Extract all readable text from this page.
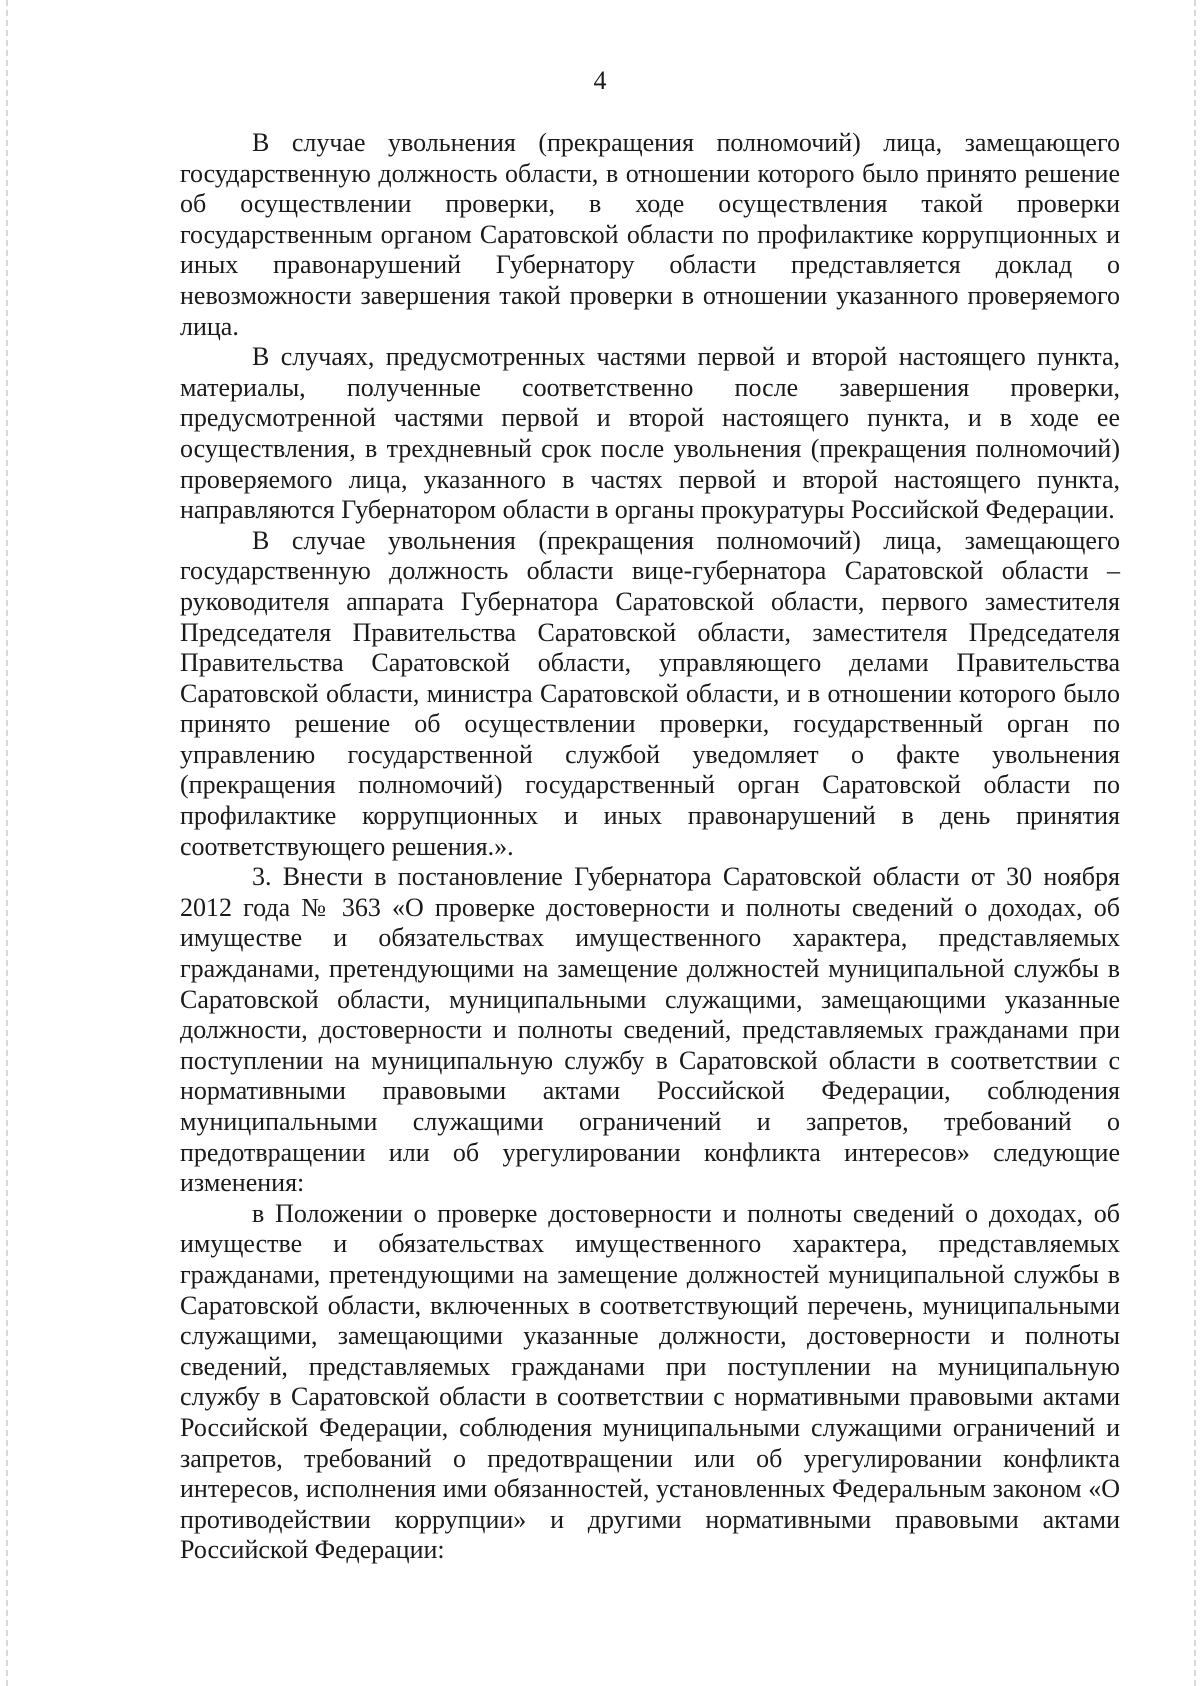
4

В случае увольнения (прекращения полномочий) лица, замещающего государственную должность области, в отношении которого было принято решение об осуществлении проверки, в ходе осуществления такой проверки государственным органом Саратовской области по профилактике коррупционных и иных правонарушений Губернатору области представляется доклад о невозможности завершения такой проверки в отношении указанного проверяемого лица.

В случаях, предусмотренных частями первой и второй настоящего пункта, материалы, полученные соответственно после завершения проверки, предусмотренной частями первой и второй настоящего пункта, и в ходе ее осуществления, в трехдневный срок после увольнения (прекращения полномочий) проверяемого лица, указанного в частях первой и второй настоящего пункта, направляются Губернатором области в органы прокуратуры Российской Федерации.

В случае увольнения (прекращения полномочий) лица, замещающего государственную должность области вице-губернатора Саратовской области – руководителя аппарата Губернатора Саратовской области, первого заместителя Председателя Правительства Саратовской области, заместителя Председателя Правительства Саратовской области, управляющего делами Правительства Саратовской области, министра Саратовской области, и в отношении которого было принято решение об осуществлении проверки, государственный орган по управлению государственной службой уведомляет о факте увольнения (прекращения полномочий) государственный орган Саратовской области по профилактике коррупционных и иных правонарушений в день принятия соответствующего решения.».

3. Внести в постановление Губернатора Саратовской области от 30 ноября 2012 года № 363 «О проверке достоверности и полноты сведений о доходах, об имуществе и обязательствах имущественного характера, представляемых гражданами, претендующими на замещение должностей муниципальной службы в Саратовской области, муниципальными служащими, замещающими указанные должности, достоверности и полноты сведений, представляемых гражданами при поступлении на муниципальную службу в Саратовской области в соответствии с нормативными правовыми актами Российской Федерации, соблюдения муниципальными служащими ограничений и запретов, требований о предотвращении или об урегулировании конфликта интересов» следующие изменения:

в Положении о проверке достоверности и полноты сведений о доходах, об имуществе и обязательствах имущественного характера, представляемых гражданами, претендующими на замещение должностей муниципальной службы в Саратовской области, включенных в соответствующий перечень, муниципальными служащими, замещающими указанные должности, достоверности и полноты сведений, представляемых гражданами при поступлении на муниципальную службу в Саратовской области в соответствии с нормативными правовыми актами Российской Федерации, соблюдения муниципальными служащими ограничений и запретов, требований о предотвращении или об урегулировании конфликта интересов, исполнения ими обязанностей, установленных Федеральным законом «О противодействии коррупции» и другими нормативными правовыми актами Российской Федерации:
